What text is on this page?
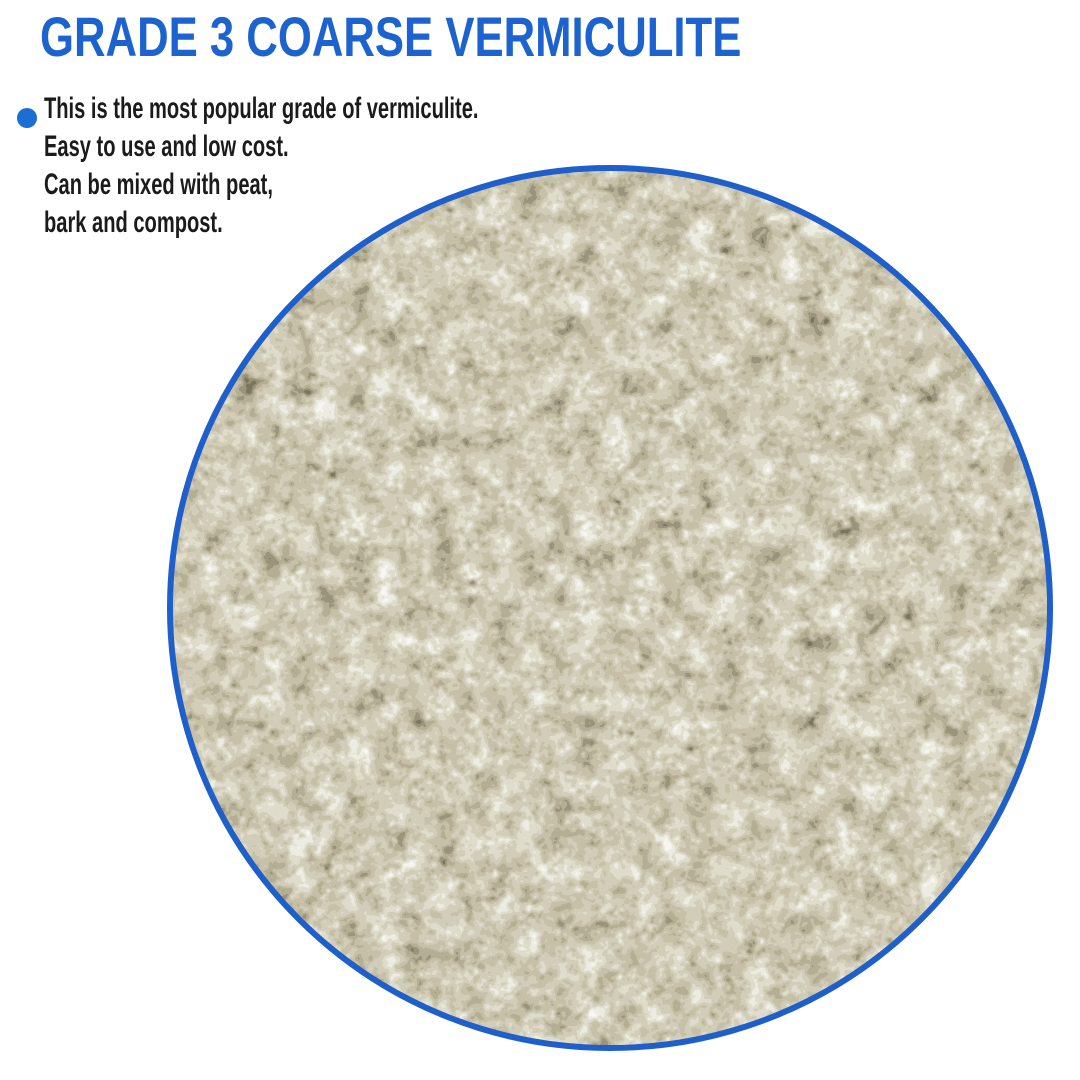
GRADE 3 COARSE VERMICULITE
This is the most popular grade of vermiculite.
Easy to use and low cost.
Can be mixed with peat,
bark and compost.
